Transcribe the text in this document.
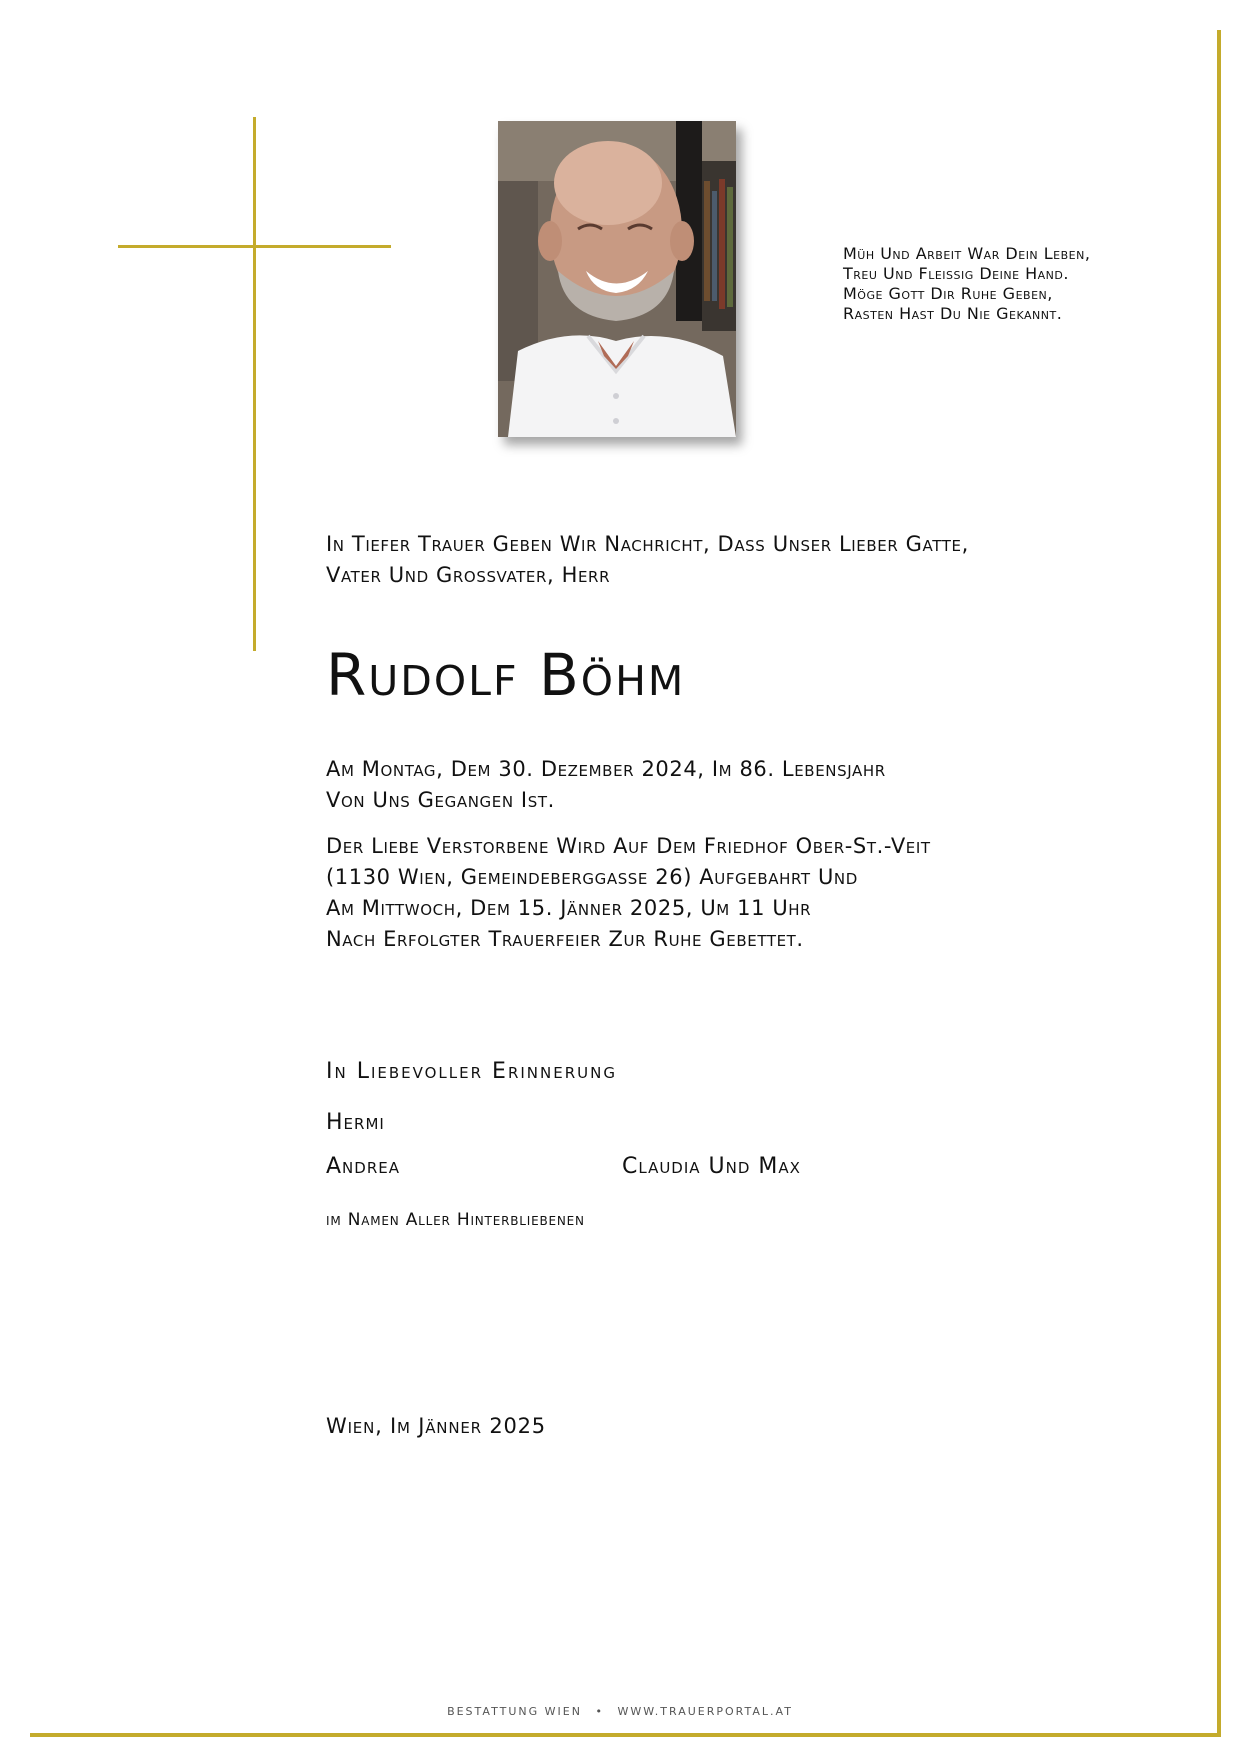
Müh Und Arbeit War Dein Leben,
Treu Und Fleissig Deine Hand.
Möge Gott Dir Ruhe Geben,
Rasten Hast Du Nie Gekannt.
In Tiefer Trauer Geben Wir Nachricht, Dass Unser Lieber Gatte,
Vater Und Grossvater, Herr
Rudolf Böhm
Am Montag, Dem 30. Dezember 2024, Im 86. Lebensjahr
Von Uns Gegangen Ist.
Der Liebe Verstorbene Wird Auf Dem Friedhof Ober-St.-Veit
(1130 Wien, Gemeindeberggasse 26) Aufgebahrt Und
Am Mittwoch, Dem 15. Jänner 2025, Um 11 Uhr
Nach Erfolgter Trauerfeier Zur Ruhe Gebettet.
In Liebevoller Erinnerung
Hermi
Andrea	Claudia Und Max
im Namen Aller Hinterbliebenen
Wien, Im Jänner 2025
BESTATTUNG WIEN • WWW.TRAUERPORTAL.AT
